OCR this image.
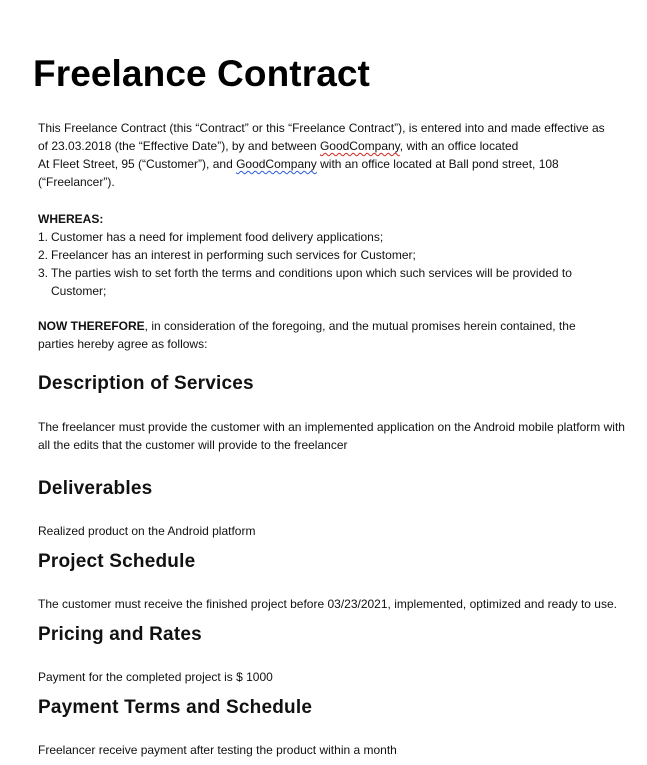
Freelance Contract
This Freelance Contract (this “Contract” or this “Freelance Contract”), is entered into and made effective as
of 23.03.2018 (the “Effective Date”), by and between GoodCompany, with an office located
At Fleet Street, 95 (“Customer”), and GoodCompany with an office located at Ball pond street, 108
(“Freelancer”).
WHEREAS:
1. Customer has a need for implement food delivery applications;
2. Freelancer has an interest in performing such services for Customer;
3. The parties wish to set forth the terms and conditions upon which such services will be provided to
Customer;
NOW THEREFORE, in consideration of the foregoing, and the mutual promises herein contained, the
parties hereby agree as follows:
Description of Services
The freelancer must provide the customer with an implemented application on the Android mobile platform with
all the edits that the customer will provide to the freelancer
Deliverables
Realized product on the Android platform
Project Schedule
The customer must receive the finished project before 03/23/2021, implemented, optimized and ready to use.
Pricing and Rates
Payment for the completed project is $ 1000
Payment Terms and Schedule
Freelancer receive payment after testing the product within a month
